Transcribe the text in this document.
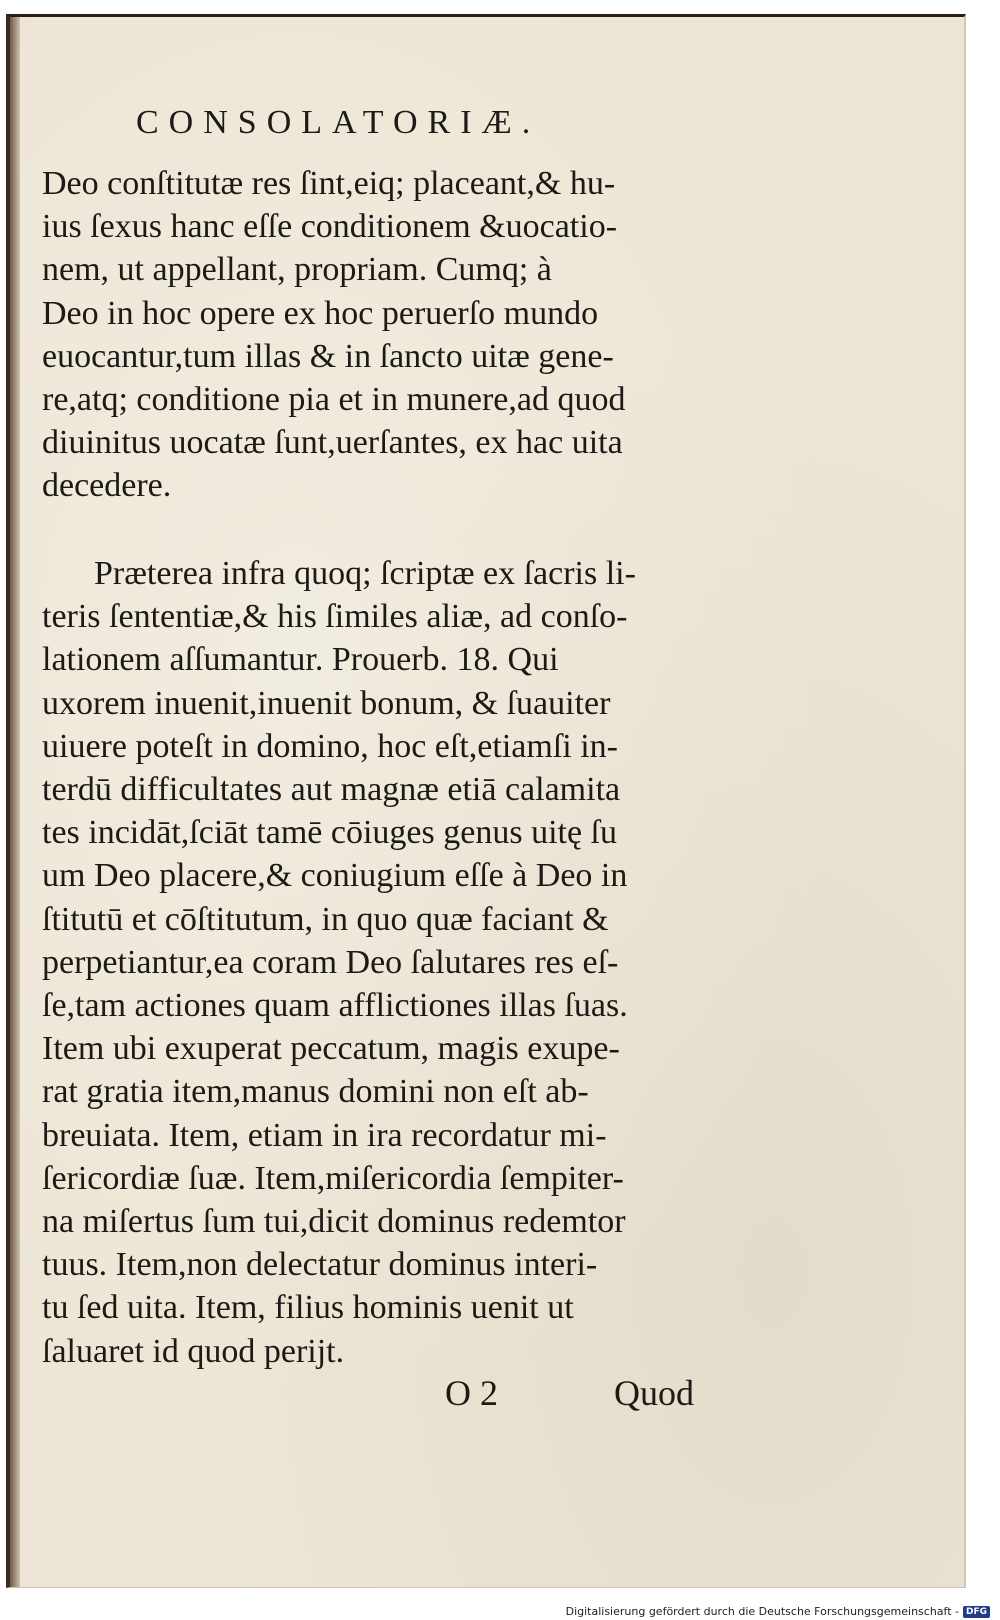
CONSOLATORIÆ.
Deo conſtitutæ res ſint,eiq; placeant,& hu-
ius ſexus hanc eſſe conditionem &uocatio-
nem, ut appellant, propriam. Cumq; à
Deo in hoc opere ex hoc peruerſo mundo
euocantur,tum illas & in ſancto uitæ gene-
re,atq; conditione pia et in munere,ad quod
diuinitus uocatæ ſunt,uerſantes, ex hac uita
decedere.
Præterea infra quoq; ſcriptæ ex ſacris li-
teris ſententiæ,& his ſimiles aliæ, ad conſo-
lationem aſſumantur. Prouerb. 18. Qui
uxorem inuenit,inuenit bonum, & ſuauiter
uiuere poteſt in domino, hoc eſt,etiamſi in-
terdū difficultates aut magnæ etiā calamita
tes incidāt,ſciāt tamē cōiuges genus uitę ſu
um Deo placere,& coniugium eſſe à Deo in
ſtitutū et cōſtitutum, in quo quæ faciant &
perpetiantur,ea coram Deo ſalutares res eſ-
ſe,tam actiones quam afflictiones illas ſuas.
Item ubi exuperat peccatum, magis exupe-
rat gratia item,manus domini non eſt ab-
breuiata. Item, etiam in ira recordatur mi-
ſericordiæ ſuæ. Item,miſericordia ſempiter-
na miſertus ſum tui,dicit dominus redemtor
tuus. Item,non delectatur dominus interi-
tu ſed uita. Item, filius hominis uenit ut
ſaluaret id quod perijt.
O 2	Quod
Digitalisierung gefördert durch die Deutsche Forschungsgemeinschaft - DFG
